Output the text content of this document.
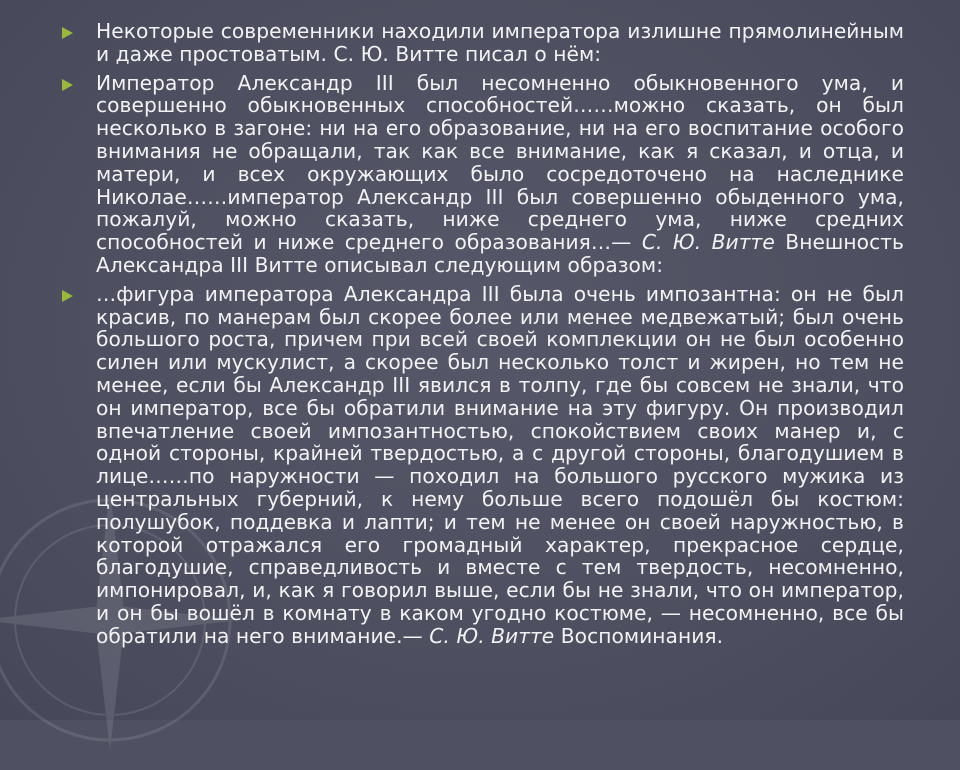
Некоторые современники находили императора излишне прямолинейным и даже простоватым. С. Ю. Витте писал о нём:
Император Александр III был несомненно обыкновенного ума, и совершенно обыкновенных способностей……можно сказать, он был несколько в загоне: ни на его образование, ни на его воспитание особого внимания не обращали, так как все внимание, как я сказал, и отца, и матери, и всех окружающих было сосредоточено на наследнике Николае……император Александр III был совершенно обыденного ума, пожалуй, можно сказать, ниже среднего ума, ниже средних способностей и ниже среднего образования…— С. Ю. Витте Внешность Александра III Витте описывал следующим образом:
…фигура императора Александра III была очень импозантна: он не был красив, по манерам был скорее более или менее медвежатый; был очень большого роста, причем при всей своей комплекции он не был особенно силен или мускулист, а скорее был несколько толст и жирен, но тем не менее, если бы Александр III явился в толпу, где бы совсем не знали, что он император, все бы обратили внимание на эту фигуру. Он производил впечатление своей импозантностью, спокойствием своих манер и, с одной стороны, крайней твердостью, а с другой стороны, благодушием в лице……по наружности — походил на большого русского мужика из центральных губерний, к нему больше всего подошёл бы костюм: полушубок, поддевка и лапти; и тем не менее он своей наружностью, в которой отражался его громадный характер, прекрасное сердце, благодушие, справедливость и вместе с тем твердость, несомненно, импонировал, и, как я говорил выше, если бы не знали, что он император, и он бы вошёл в комнату в каком угодно костюме, — несомненно, все бы обратили на него внимание.— С. Ю. Витте Воспоминания.
